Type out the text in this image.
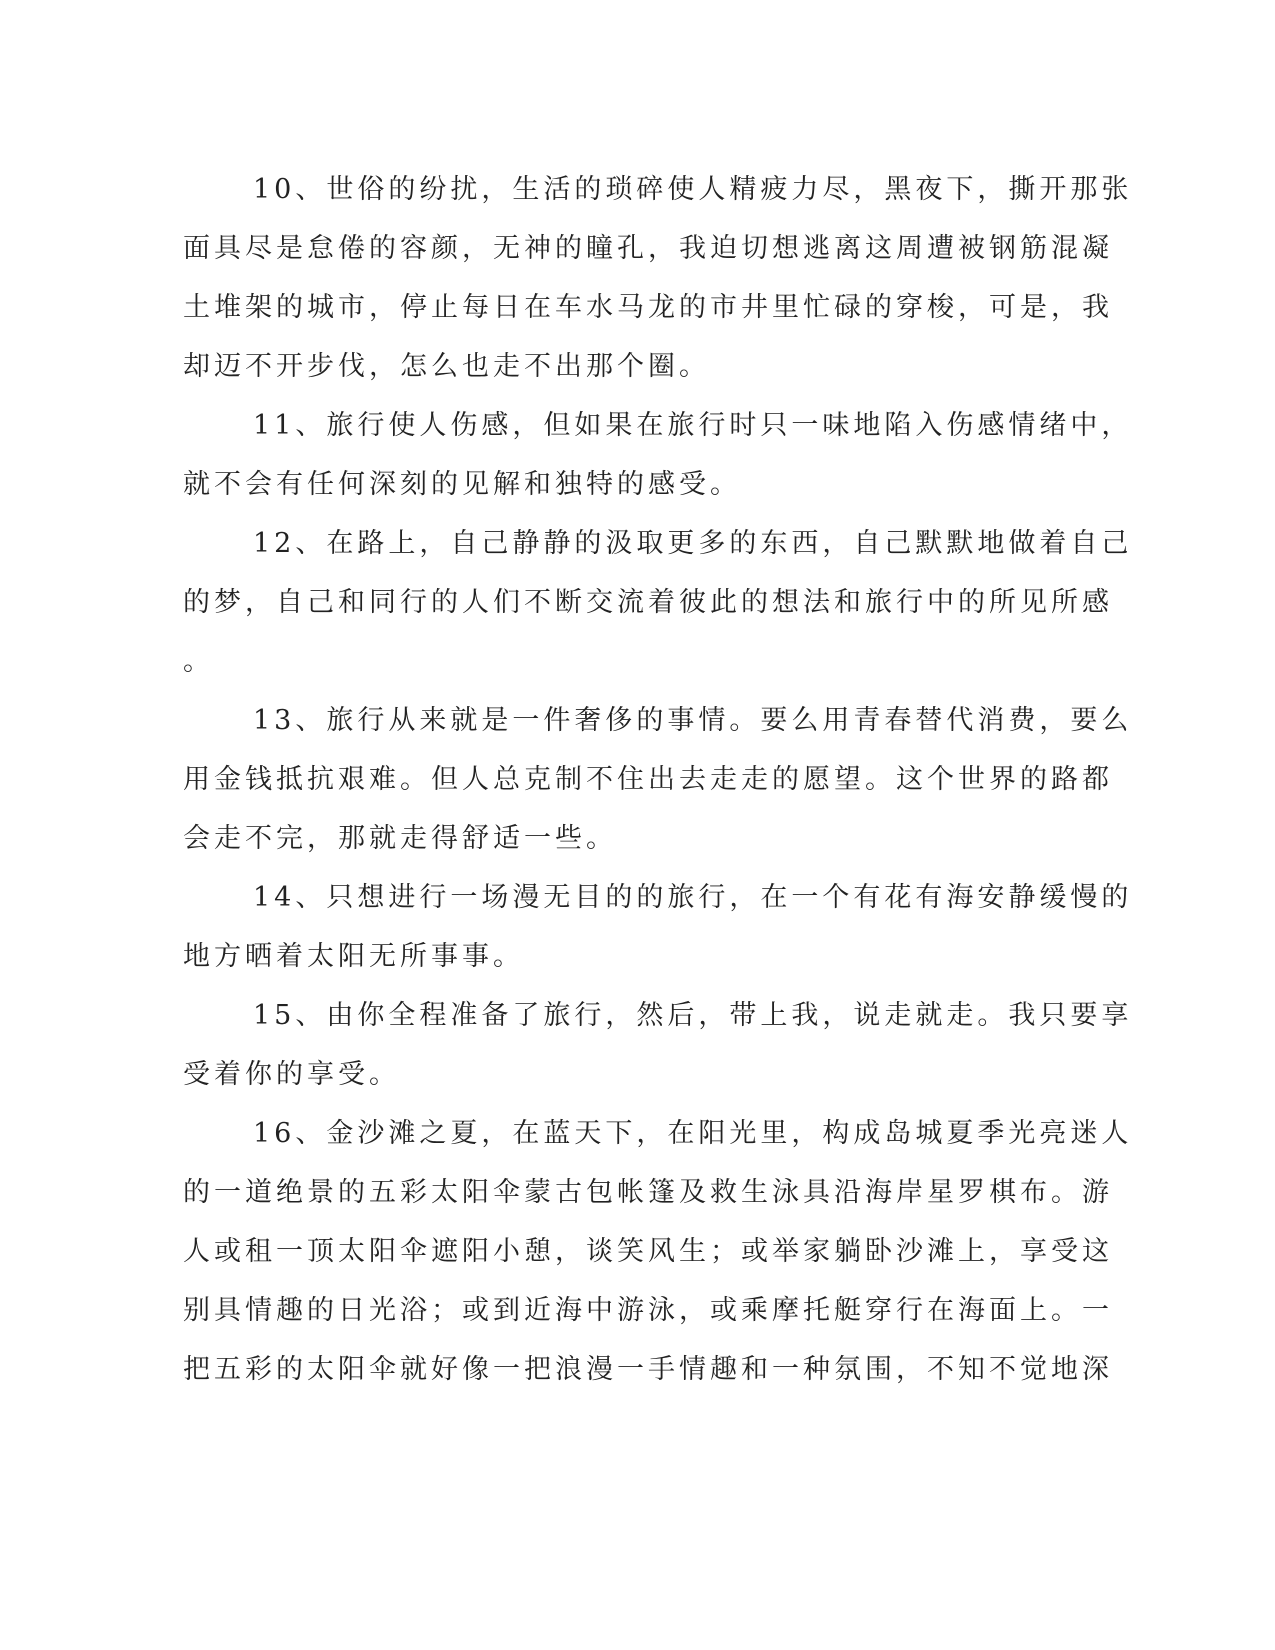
10、世俗的纷扰，生活的琐碎使人精疲力尽，黑夜下，撕开那张
面具尽是怠倦的容颜，无神的瞳孔，我迫切想逃离这周遭被钢筋混凝
土堆架的城市，停止每日在车水马龙的市井里忙碌的穿梭，可是，我
却迈不开步伐，怎么也走不出那个圈。
11、旅行使人伤感，但如果在旅行时只一味地陷入伤感情绪中，
就不会有任何深刻的见解和独特的感受。
12、在路上，自己静静的汲取更多的东西，自己默默地做着自己
的梦，自己和同行的人们不断交流着彼此的想法和旅行中的所见所感
。
13、旅行从来就是一件奢侈的事情。要么用青春替代消费，要么
用金钱抵抗艰难。但人总克制不住出去走走的愿望。这个世界的路都
会走不完，那就走得舒适一些。
14、只想进行一场漫无目的的旅行，在一个有花有海安静缓慢的
地方晒着太阳无所事事。
15、由你全程准备了旅行，然后，带上我，说走就走。我只要享
受着你的享受。
16、金沙滩之夏，在蓝天下，在阳光里，构成岛城夏季光亮迷人
的一道绝景的五彩太阳伞蒙古包帐篷及救生泳具沿海岸星罗棋布。游
人或租一顶太阳伞遮阳小憩，谈笑风生；或举家躺卧沙滩上，享受这
别具情趣的日光浴；或到近海中游泳，或乘摩托艇穿行在海面上。一
把五彩的太阳伞就好像一把浪漫一手情趣和一种氛围，不知不觉地深
